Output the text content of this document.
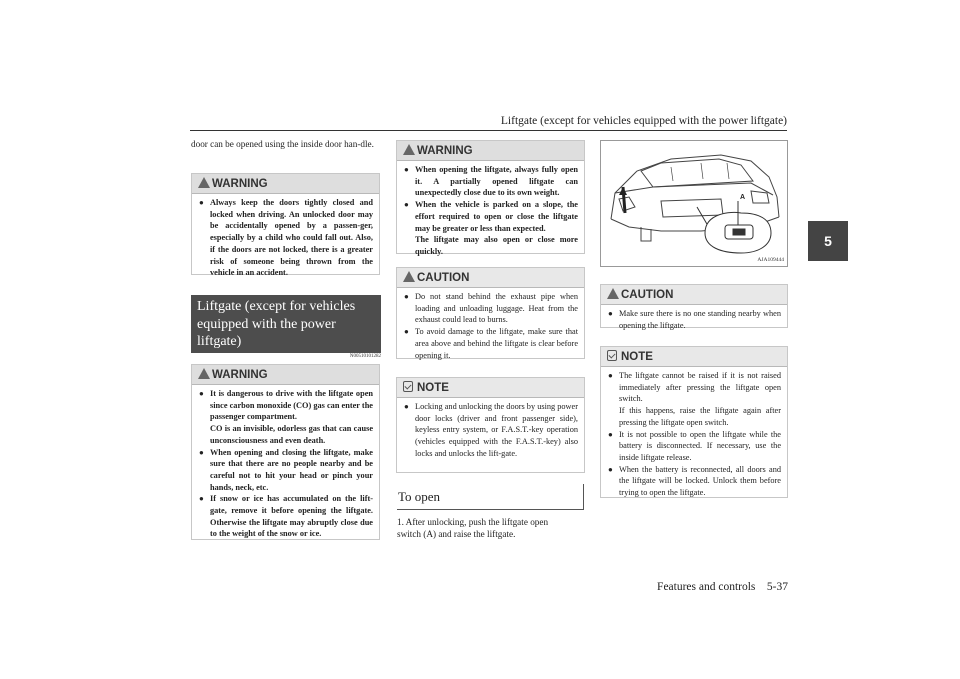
Liftgate (except for vehicles equipped with the power liftgate)
5
door can be opened using the inside door han-dle.
WARNING
● Always keep the doors tightly closed and locked when driving. An unlocked door may be accidentally opened by a passen-ger, especially by a child who could fall out. Also, if the doors are not locked, there is a greater risk of someone being thrown from the vehicle in an accident.
Liftgate (except for vehicles equipped with the power liftgate)
N00510101282
WARNING
● It is dangerous to drive with the liftgate open since carbon monoxide (CO) gas can enter the passenger compartment.
CO is an invisible, odorless gas that can cause unconsciousness and even death.
● When opening and closing the liftgate, make sure that there are no people nearby and be careful not to hit your head or pinch your hands, neck, etc.
● If snow or ice has accumulated on the lift-gate, remove it before opening the liftgate. Otherwise the liftgate may abruptly close due to the weight of the snow or ice.
WARNING
● When opening the liftgate, always fully open it. A partially opened liftgate can unexpectedly close due to its own weight.
● When the vehicle is parked on a slope, the effort required to open or close the liftgate may be greater or less than expected.
The liftgate may also open or close more quickly.
CAUTION
● Do not stand behind the exhaust pipe when loading and unloading luggage. Heat from the exhaust could lead to burns.
● To avoid damage to the liftgate, make sure that area above and behind the liftgate is clear before opening it.
NOTE
● Locking and unlocking the doors by using power door locks (driver and front passenger side), keyless entry system, or F.A.S.T.-key operation (vehicles equipped with the F.A.S.T.-key) also locks and unlocks the lift-gate.
To open
1. After unlocking, push the liftgate open
switch (A) and raise the liftgate.
A
AJA109444
CAUTION
● Make sure there is no one standing nearby when opening the liftgate.
NOTE
● The liftgate cannot be raised if it is not raised immediately after pressing the liftgate open switch.
If this happens, raise the liftgate again after pressing the liftgate open switch.
● It is not possible to open the liftgate while the battery is disconnected. If necessary, use the inside liftgate release.
● When the battery is reconnected, all doors and the liftgate will be locked. Unlock them before trying to open the liftgate.
Features and controls    5-37
